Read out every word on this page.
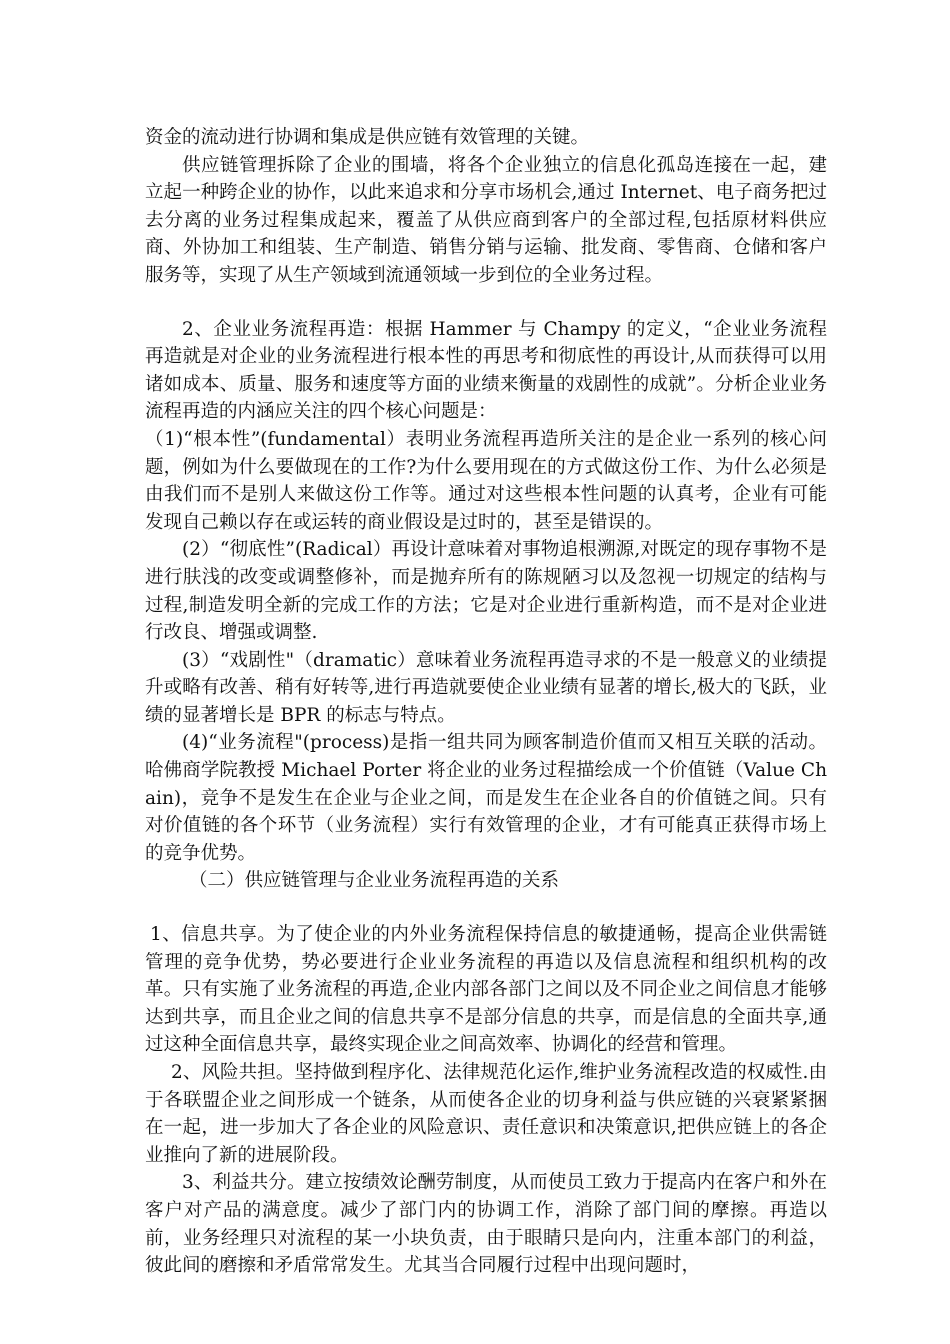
资金的流动进行协调和集成是供应链有效管理的关键。

供应链管理拆除了企业的围墙，将各个企业独立的信息化孤岛连接在一起，建立起一种跨企业的协作，以此来追求和分享市场机会,通过 Internet、电子商务把过去分离的业务过程集成起来，覆盖了从供应商到客户的全部过程,包括原材料供应商、外协加工和组装、生产制造、销售分销与运输、批发商、零售商、仓储和客户服务等，实现了从生产领域到流通领域一步到位的全业务过程。

2、企业业务流程再造：根据 Hammer 与 Champy 的定义，“企业业务流程再造就是对企业的业务流程进行根本性的再思考和彻底性的再设计,从而获得可以用诸如成本、质量、服务和速度等方面的业绩来衡量的戏剧性的成就”。分析企业业务流程再造的内涵应关注的四个核心问题是：

（1)“根本性”(fundamental）表明业务流程再造所关注的是企业一系列的核心问题，例如为什么要做现在的工作?为什么要用现在的方式做这份工作、为什么必须是由我们而不是别人来做这份工作等。通过对这些根本性问题的认真考，企业有可能发现自己赖以存在或运转的商业假设是过时的，甚至是错误的。

(2）“彻底性”(Radical）再设计意味着对事物追根溯源,对既定的现存事物不是进行肤浅的改变或调整修补，而是抛弃所有的陈规陋习以及忽视一切规定的结构与过程,制造发明全新的完成工作的方法；它是对企业进行重新构造，而不是对企业进行改良、增强或调整.

(3）“戏剧性"（dramatic）意味着业务流程再造寻求的不是一般意义的业绩提升或略有改善、稍有好转等,进行再造就要使企业业绩有显著的增长,极大的飞跃，业绩的显著增长是 BPR 的标志与特点。

(4)“业务流程"(process)是指一组共同为顾客制造价值而又相互关联的活动。哈佛商学院教授 Michael Porter 将企业的业务过程描绘成一个价值链（Value Chain)，竞争不是发生在企业与企业之间，而是发生在企业各自的价值链之间。只有对价值链的各个环节（业务流程）实行有效管理的企业，才有可能真正获得市场上的竞争优势。

（二）供应链管理与企业业务流程再造的关系

1、信息共享。为了使企业的内外业务流程保持信息的敏捷通畅，提高企业供需链管理的竞争优势，势必要进行企业业务流程的再造以及信息流程和组织机构的改革。只有实施了业务流程的再造,企业内部各部门之间以及不同企业之间信息才能够达到共享，而且企业之间的信息共享不是部分信息的共享，而是信息的全面共享,通过这种全面信息共享，最终实现企业之间高效率、协调化的经营和管理。

2、风险共担。坚持做到程序化、法律规范化运作,维护业务流程改造的权威性.由于各联盟企业之间形成一个链条，从而使各企业的切身利益与供应链的兴衰紧紧捆在一起，进一步加大了各企业的风险意识、责任意识和决策意识,把供应链上的各企业推向了新的进展阶段。

3、利益共分。建立按绩效论酬劳制度，从而使员工致力于提高内在客户和外在客户对产品的满意度。减少了部门内的协调工作，消除了部门间的摩擦。再造以前，业务经理只对流程的某一小块负责，由于眼睛只是向内，注重本部门的利益，彼此间的磨擦和矛盾常常发生。尤其当合同履行过程中出现问题时，
